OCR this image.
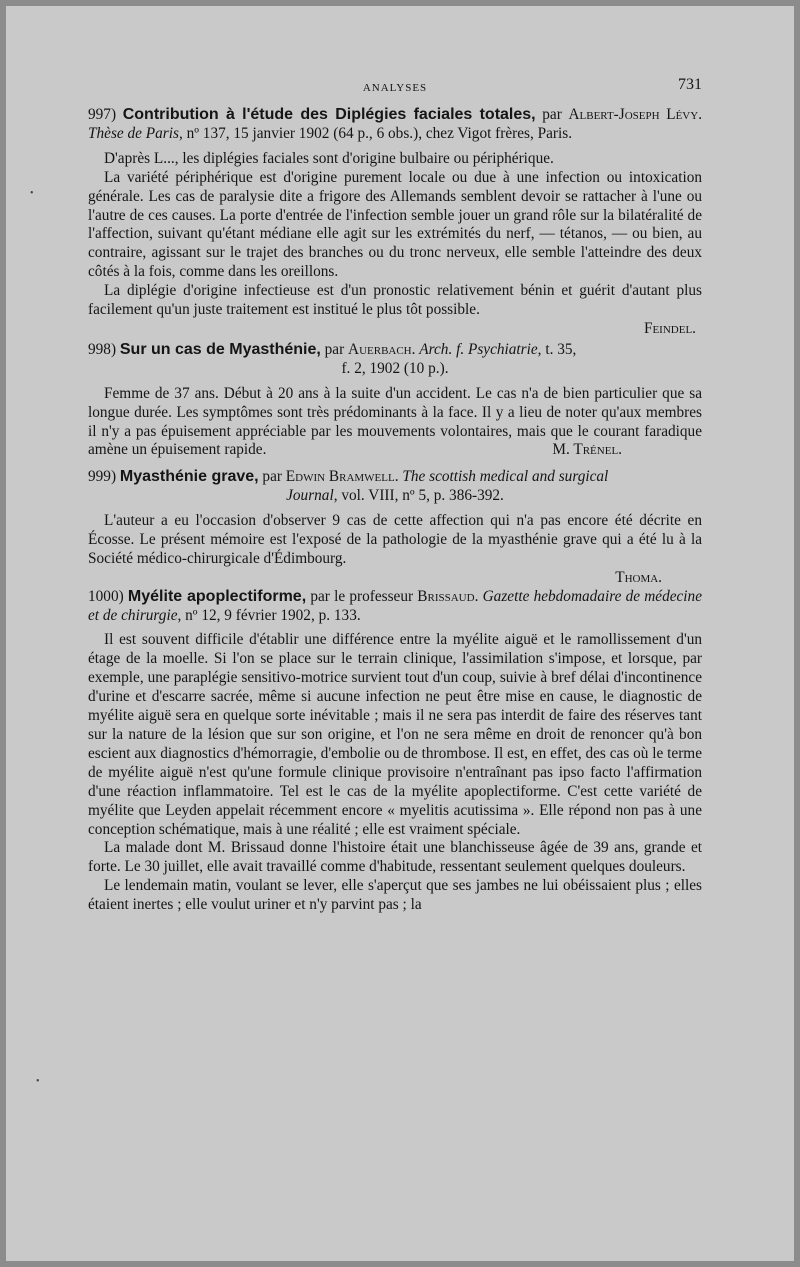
•
•
ANALYSES	731

997) Contribution à l'étude des Diplégies faciales totales, par Albert-Joseph Lévy. Thèse de Paris, nº 137, 15 janvier 1902 (64 p., 6 obs.), chez Vigot frères, Paris.

D'après L..., les diplégies faciales sont d'origine bulbaire ou périphérique.

La variété périphérique est d'origine purement locale ou due à une infection ou intoxication générale. Les cas de paralysie dite a frigore des Allemands semblent devoir se rattacher à l'une ou l'autre de ces causes. La porte d'entrée de l'infection semble jouer un grand rôle sur la bilatéralité de l'affection, suivant qu'étant médiane elle agit sur les extrémités du nerf, — tétanos, — ou bien, au contraire, agissant sur le trajet des branches ou du tronc nerveux, elle semble l'atteindre des deux côtés à la fois, comme dans les oreillons.

La diplégie d'origine infectieuse est d'un pronostic relativement bénin et guérit d'autant plus facilement qu'un juste traitement est institué le plus tôt possible.

Feindel.

998) Sur un cas de Myasthénie, par Auerbach. Arch. f. Psychiatrie, t. 35,
f. 2, 1902 (10 p.).

Femme de 37 ans. Début à 20 ans à la suite d'un accident. Le cas n'a de bien particulier que sa longue durée. Les symptômes sont très prédominants à la face. Il y a lieu de noter qu'aux membres il n'y a pas épuisement appréciable par les mouvements volontaires, mais que le courant faradique amène un épuisement rapide.	M. Trénel.

999) Myasthénie grave, par Edwin Bramwell. The scottish medical and surgical
Journal, vol. VIII, nº 5, p. 386-392.

L'auteur a eu l'occasion d'observer 9 cas de cette affection qui n'a pas encore été décrite en Écosse. Le présent mémoire est l'exposé de la pathologie de la myasthénie grave qui a été lu à la Société médico-chirurgicale d'Édimbourg.

Thoma.

1000) Myélite apoplectiforme, par le professeur Brissaud. Gazette hebdomadaire de médecine et de chirurgie, nº 12, 9 février 1902, p. 133.

Il est souvent difficile d'établir une différence entre la myélite aiguë et le ramollissement d'un étage de la moelle. Si l'on se place sur le terrain clinique, l'assimilation s'impose, et lorsque, par exemple, une paraplégie sensitivo-motrice survient tout d'un coup, suivie à bref délai d'incontinence d'urine et d'escarre sacrée, même si aucune infection ne peut être mise en cause, le diagnostic de myélite aiguë sera en quelque sorte inévitable ; mais il ne sera pas interdit de faire des réserves tant sur la nature de la lésion que sur son origine, et l'on ne sera même en droit de renoncer qu'à bon escient aux diagnostics d'hémorragie, d'embolie ou de thrombose. Il est, en effet, des cas où le terme de myélite aiguë n'est qu'une formule clinique provisoire n'entraînant pas ipso facto l'affirmation d'une réaction inflammatoire. Tel est le cas de la myélite apoplectiforme. C'est cette variété de myélite que Leyden appelait récemment encore « myelitis acutissima ». Elle répond non pas à une conception schématique, mais à une réalité ; elle est vraiment spéciale.

La malade dont M. Brissaud donne l'histoire était une blanchisseuse âgée de 39 ans, grande et forte. Le 30 juillet, elle avait travaillé comme d'habitude, ressentant seulement quelques douleurs.

Le lendemain matin, voulant se lever, elle s'aperçut que ses jambes ne lui obéissaient plus ; elles étaient inertes ; elle voulut uriner et n'y parvint pas ; la
